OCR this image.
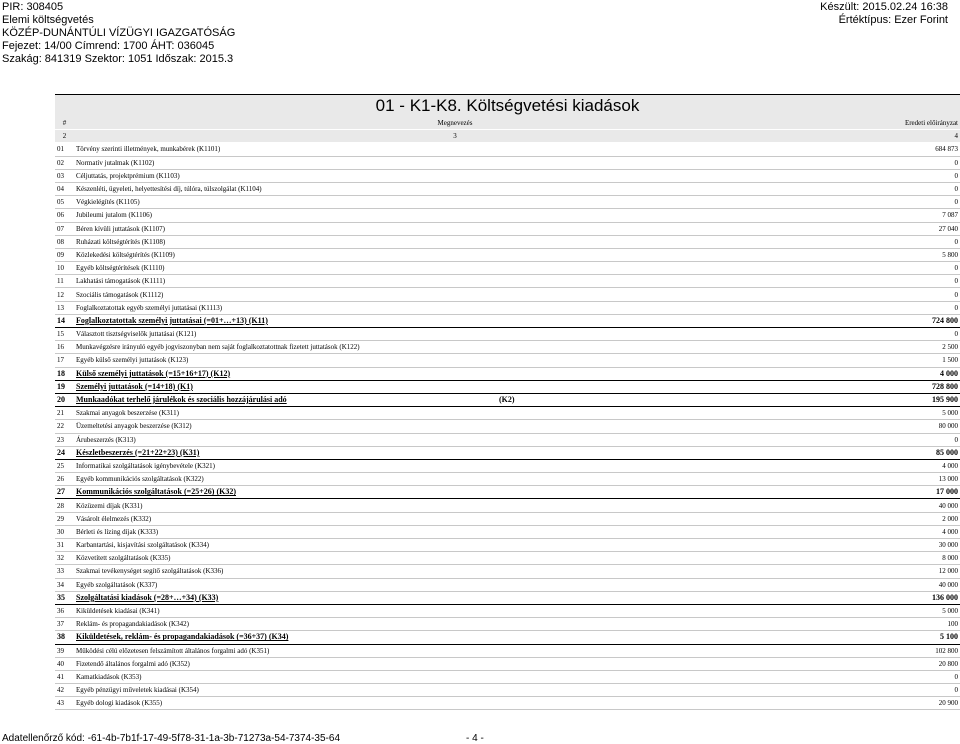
PIR: 308405
Elemi költségvetés
KÖZÉP-DUNÁNTÚLI VÍZÜGYI IGAZGATÓSÁG
Fejezet: 14/00 Címrend: 1700 ÁHT: 036045
Szakág: 841319 Szektor: 1051 Időszak: 2015.3
Készült: 2015.02.24 16:38
Értéktípus: Ezer Forint
01 - K1-K8. Költségvetési kiadások
#	Megnevezés	Eredeti előirányzat
2	3	4
01	Törvény szerinti illetmények, munkabérek (K1101)	684 873
02	Normatív jutalmak (K1102)	0
03	Céljuttatás, projektprémium (K1103)	0
04	Készenléti, ügyeleti, helyettesítési díj, túlóra, túlszolgálat (K1104)	0
05	Végkielégítés (K1105)	0
06	Jubileumi jutalom (K1106)	7 087
07	Béren kívüli juttatások (K1107)	27 040
08	Ruházati költségtérítés (K1108)	0
09	Közlekedési költségtérítés (K1109)	5 800
10	Egyéb költségtérítések (K1110)	0
11	Lakhatási támogatások (K1111)	0
12	Szociális támogatások (K1112)	0
13	Foglalkoztatottak egyéb személyi juttatásai (K1113)	0
14	Foglalkoztatottak személyi juttatásai (=01+…+13) (K11)	724 800
15	Választott tisztségviselők juttatásai (K121)	0
16	Munkavégzésre irányuló egyéb jogviszonyban nem saját foglalkoztatottnak fizetett juttatások (K122)	2 500
17	Egyéb külső személyi juttatások (K123)	1 500
18	Külső személyi juttatások (=15+16+17) (K12)	4 000
19	Személyi juttatások (=14+18) (K1)	728 800
20	Munkaadókat terhelő járulékok és szociális hozzájárulási adó (K2)	195 900
21	Szakmai anyagok beszerzése (K311)	5 000
22	Üzemeltetési anyagok beszerzése (K312)	80 000
23	Árubeszerzés (K313)	0
24	Készletbeszerzés (=21+22+23) (K31)	85 000
25	Informatikai szolgáltatások igénybevétele (K321)	4 000
26	Egyéb kommunikációs szolgáltatások (K322)	13 000
27	Kommunikációs szolgáltatások (=25+26) (K32)	17 000
28	Közüzemi díjak (K331)	40 000
29	Vásárolt élelmezés (K332)	2 000
30	Bérleti és lízing díjak (K333)	4 000
31	Karbantartási, kisjavítási szolgáltatások (K334)	30 000
32	Közvetített szolgáltatások (K335)	8 000
33	Szakmai tevékenységet segítő szolgáltatások (K336)	12 000
34	Egyéb szolgáltatások (K337)	40 000
35	Szolgáltatási kiadások (=28+…+34) (K33)	136 000
36	Kiküldetések kiadásai (K341)	5 000
37	Reklám- és propagandakiadások (K342)	100
38	Kiküldetések, reklám- és propagandakiadások (=36+37) (K34)	5 100
39	Működési célú előzetesen felszámított általános forgalmi adó (K351)	102 800
40	Fizetendő általános forgalmi adó (K352)	20 800
41	Kamatkiadások (K353)	0
42	Egyéb pénzügyi műveletek kiadásai (K354)	0
43	Egyéb dologi kiadások (K355)	20 900
Adatellenőrző kód: -61-4b-7b1f-17-49-5f78-31-1a-3b-71273a-54-7374-35-64	- 4 -
